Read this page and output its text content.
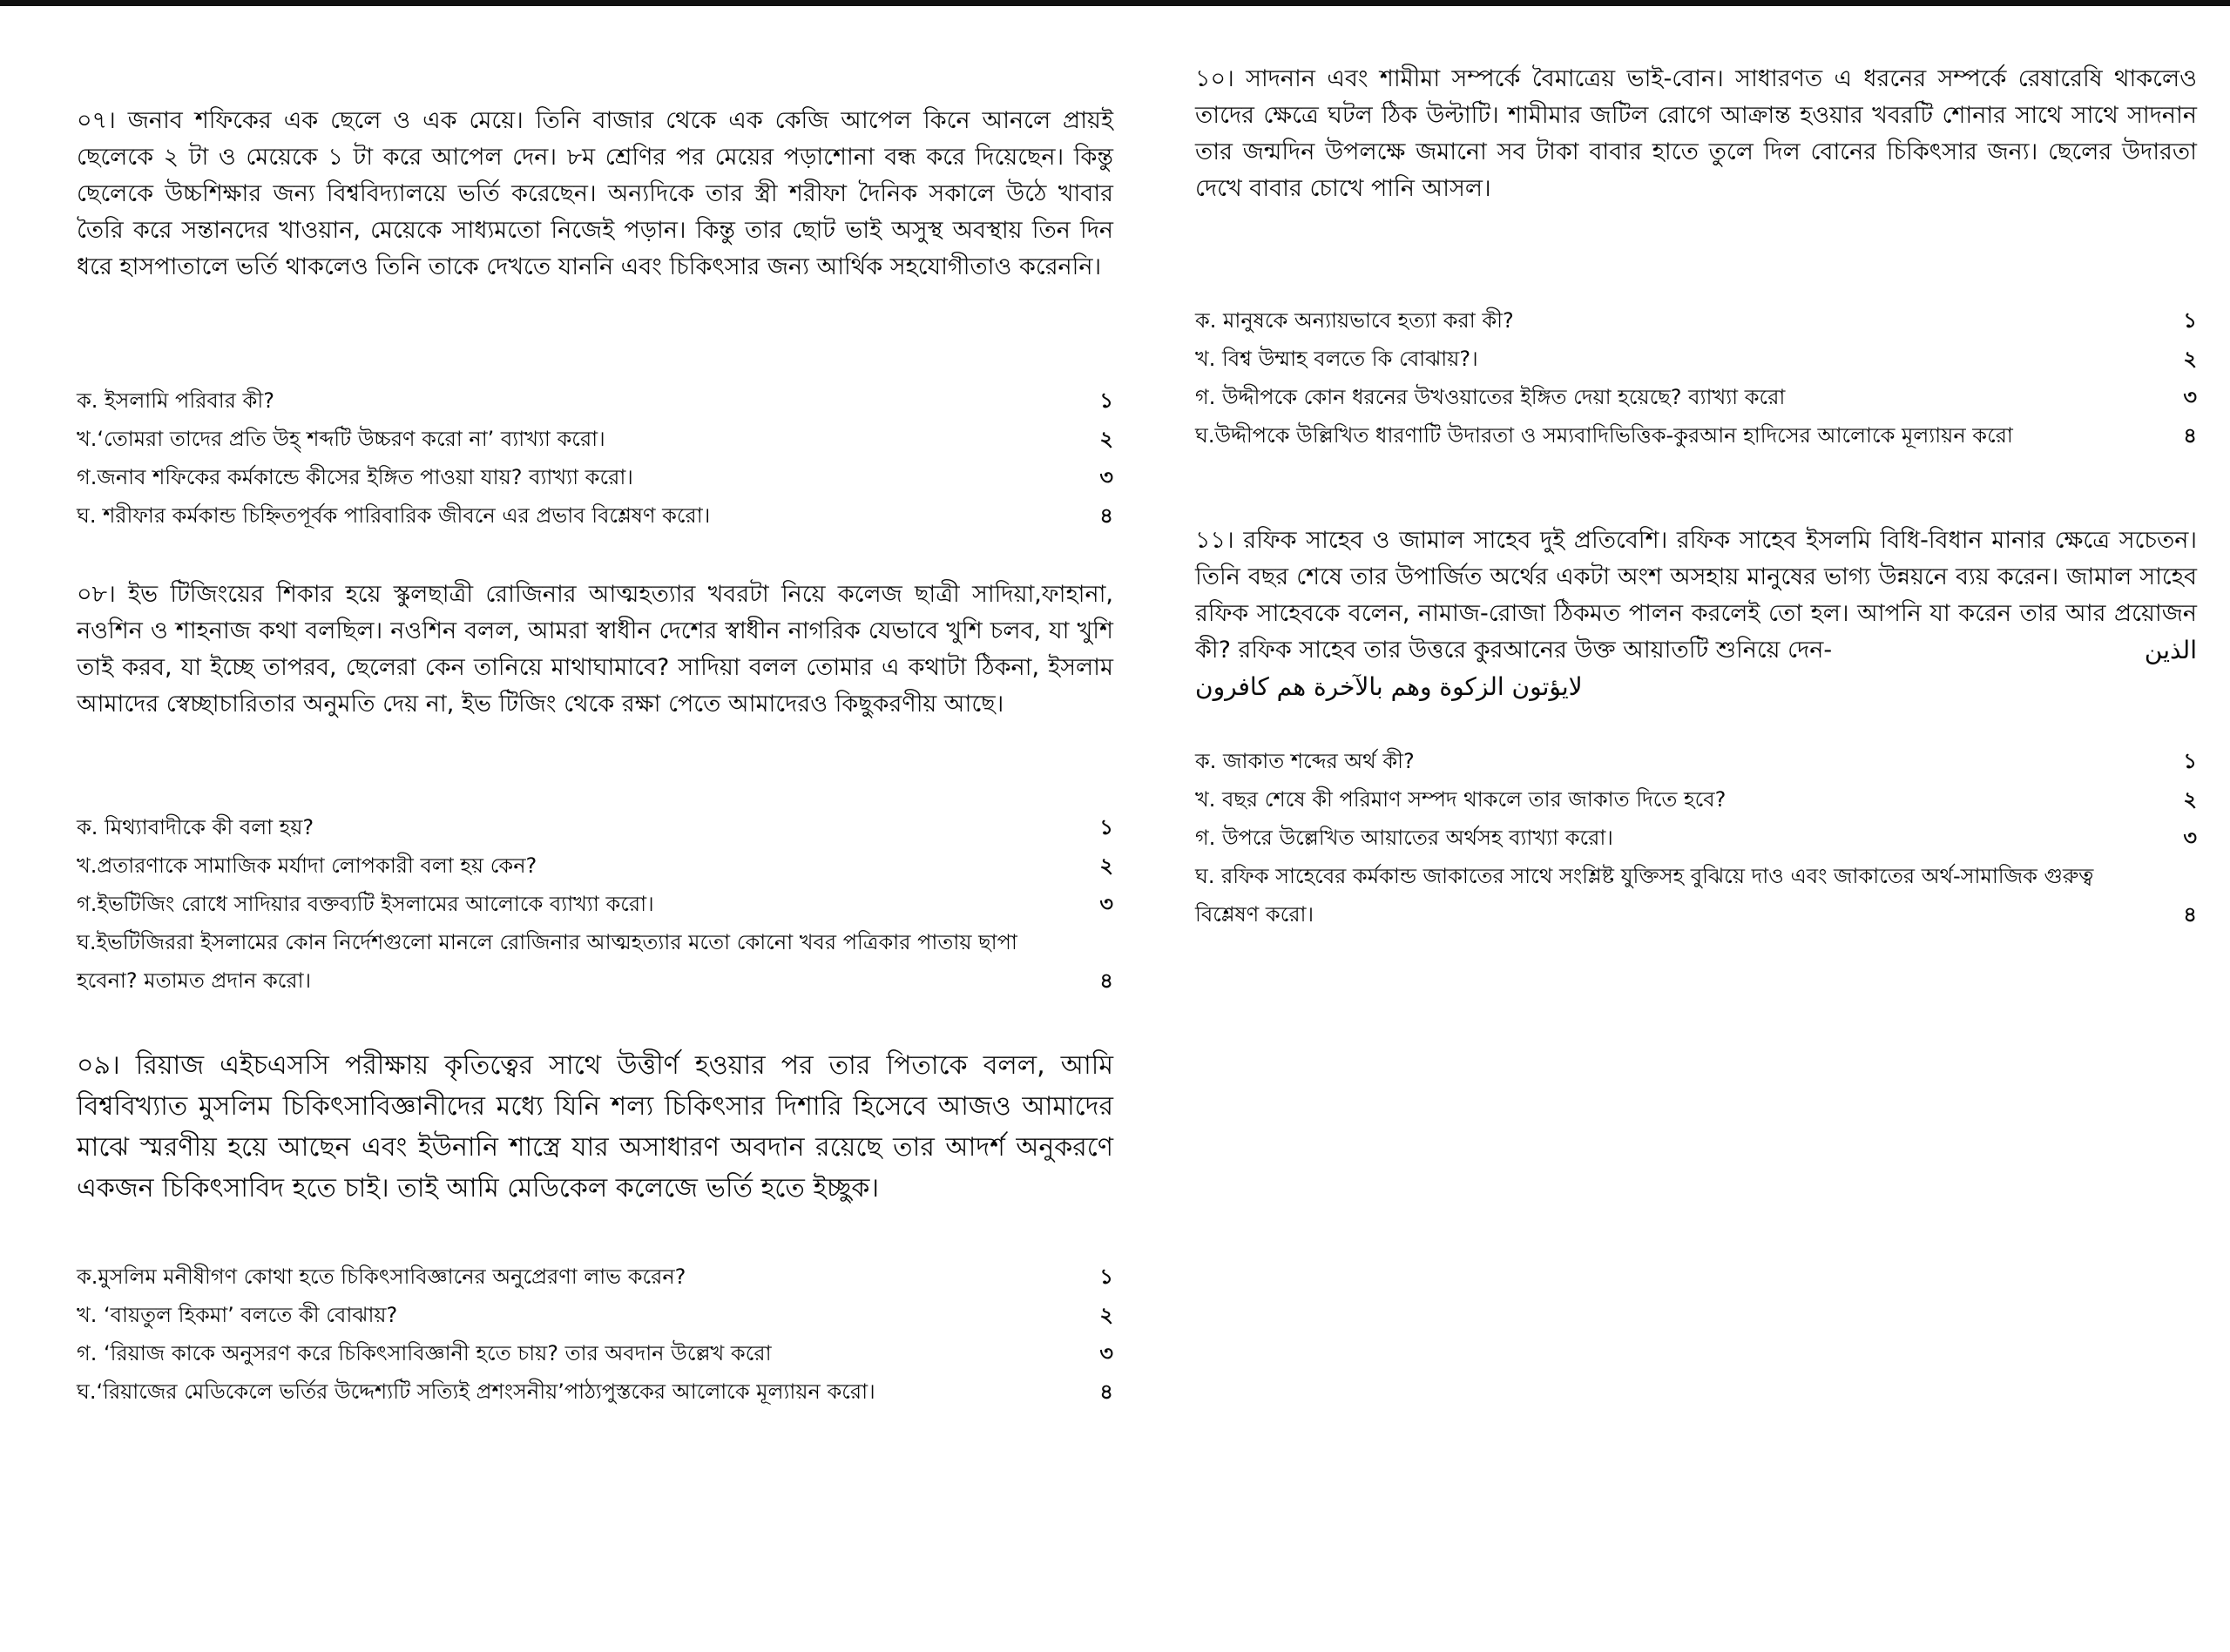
০৭। জনাব শফিকের এক ছেলে ও এক মেয়ে। তিনি বাজার থেকে এক কেজি আপেল কিনে আনলে প্রায়ই ছেলেকে ২ টা ও মেয়েকে ১ টা করে আপেল দেন। ৮ম শ্রেণির পর মেয়ের পড়াশোনা বন্ধ করে দিয়েছেন। কিন্তু ছেলেকে উচ্চশিক্ষার জন্য বিশ্ববিদ্যালয়ে ভর্তি করেছেন। অন্যদিকে তার স্ত্রী শরীফা দৈনিক সকালে উঠে খাবার তৈরি করে সন্তানদের খাওয়ান, মেয়েকে সাধ্যমতো নিজেই পড়ান। কিন্তু তার ছোট ভাই অসুস্থ অবস্থায় তিন দিন ধরে হাসপাতালে ভর্তি থাকলেও তিনি তাকে দেখতে যাননি এবং চিকিৎসার জন্য আর্থিক সহযোগীতাও করেননি।

ক. ইসলামি পরিবার কী?	১
খ.‘তোমরা তাদের প্রতি উহ্ শব্দটি উচ্চরণ করো না’ ব্যাখ্যা করো।	২
গ.জনাব শফিকের কর্মকান্ডে কীসের ইঙ্গিত পাওয়া যায়? ব্যাখ্যা করো।	৩
ঘ. শরীফার কর্মকান্ড চিহ্নিতপূর্বক পারিবারিক জীবনে এর প্রভাব বিশ্লেষণ করো।	৪

০৮। ইভ টিজিংয়ের শিকার হয়ে স্কুলছাত্রী রোজিনার আত্মহত্যার খবরটা নিয়ে কলেজ ছাত্রী সাদিয়া,ফাহানা, নওশিন ও শাহনাজ কথা বলছিল। নওশিন বলল, আমরা স্বাধীন দেশের স্বাধীন নাগরিক যেভাবে খুশি চলব, যা খুশি তাই করব, যা ইচ্ছে তাপরব, ছেলেরা কেন তানিয়ে মাথাঘামাবে? সাদিয়া বলল তোমার এ কথাটা ঠিকনা, ইসলাম আমাদের স্বেচ্ছাচারিতার অনুমতি দেয় না, ইভ টিজিং থেকে রক্ষা পেতে আমাদেরও কিছুকরণীয় আছে।

ক. মিথ্যাবাদীকে কী বলা হয়?	১
খ.প্রতারণাকে সামাজিক মর্যাদা লোপকারী বলা হয় কেন?	২
গ.ইভটিজিং রোধে সাদিয়ার বক্তব্যটি ইসলামের আলোকে ব্যাখ্যা করো।	৩
ঘ.ইভটিজিররা ইসলামের কোন নির্দেশগুলো মানলে রোজিনার আত্মহত্যার মতো কোনো খবর পত্রিকার পাতায় ছাপা হবেনা? মতামত প্রদান করো।	৪

০৯। রিয়াজ এইচএসসি পরীক্ষায় কৃতিত্বের সাথে উত্তীর্ণ হওয়ার পর তার পিতাকে বলল, আমি বিশ্ববিখ্যাত মুসলিম চিকিৎসাবিজ্ঞানীদের মধ্যে যিনি শল্য চিকিৎসার দিশারি হিসেবে আজও আমাদের মাঝে স্মরণীয় হয়ে আছেন এবং ইউনানি শাস্ত্রে যার অসাধারণ অবদান রয়েছে তার আদর্শ অনুকরণে একজন চিকিৎসাবিদ হতে চাই। তাই আমি মেডিকেল কলেজে ভর্তি হতে ইচ্ছুক।

ক.মুসলিম মনীষীগণ কোথা হতে চিকিৎসাবিজ্ঞানের অনুপ্রেরণা লাভ করেন?	১
খ. ‘বায়তুল হিকমা’ বলতে কী বোঝায়?	২
গ. ‘রিয়াজ কাকে অনুসরণ করে চিকিৎসাবিজ্ঞানী হতে চায়? তার অবদান উল্লেখ করো	৩
ঘ.‘রিয়াজের মেডিকেলে ভর্তির উদ্দেশ্যটি সত্যিই প্রশংসনীয়’পাঠ্যপুস্তকের আলোকে মূল্যায়ন করো।	৪

১০। সাদনান এবং শামীমা সম্পর্কে বৈমাত্রেয় ভাই-বোন। সাধারণত এ ধরনের সম্পর্কে রেষারেষি থাকলেও তাদের ক্ষেত্রে ঘটল ঠিক উল্টাটি। শামীমার জটিল রোগে আক্রান্ত হওয়ার খবরটি শোনার সাথে সাথে সাদনান তার জন্মদিন উপলক্ষে জমানো সব টাকা বাবার হাতে তুলে দিল বোনের চিকিৎসার জন্য। ছেলের উদারতা দেখে বাবার চোখে পানি আসল।

ক. মানুষকে অন্যায়ভাবে হত্যা করা কী?	১
খ. বিশ্ব উম্মাহ বলতে কি বোঝায়?।	২
গ. উদ্দীপকে কোন ধরনের উখওয়াতের ইঙ্গিত দেয়া হয়েছে? ব্যাখ্যা করো	৩
ঘ.উদ্দীপকে উল্লিখিত ধারণাটি উদারতা ও সম্যবাদিভিত্তিক-কুরআন হাদিসের আলোকে মূল্যায়ন করো	৪

১১। রফিক সাহেব ও জামাল সাহেব দুই প্রতিবেশি। রফিক সাহেব ইসলমি বিধি-বিধান মানার ক্ষেত্রে সচেতন। তিনি বছর শেষে তার উপার্জিত অর্থের একটা অংশ অসহায় মানুষের ভাগ্য উন্নয়নে ব্যয় করেন। জামাল সাহেব রফিক সাহেবকে বলেন, নামাজ-রোজা ঠিকমত পালন করলেই তো হল। আপনি যা করেন তার আর প্রয়োজন কী? রফিক সাহেব তার উত্তরে কুরআনের উক্ত আয়াতটি শুনিয়ে দেন-	الذين

لايؤتون الزكوة وهم بالآخرة هم كافرون
ক. জাকাত শব্দের অর্থ কী?	১
খ. বছর শেষে কী পরিমাণ সম্পদ থাকলে তার জাকাত দিতে হবে?	২
গ. উপরে উল্লেখিত আয়াতের অর্থসহ ব্যাখ্যা করো।	৩
ঘ. রফিক সাহেবের কর্মকান্ড জাকাতের সাথে সংশ্লিষ্ট যুক্তিসহ বুঝিয়ে দাও এবং জাকাতের অর্থ-সামাজিক গুরুত্ব বিশ্লেষণ করো।	৪
